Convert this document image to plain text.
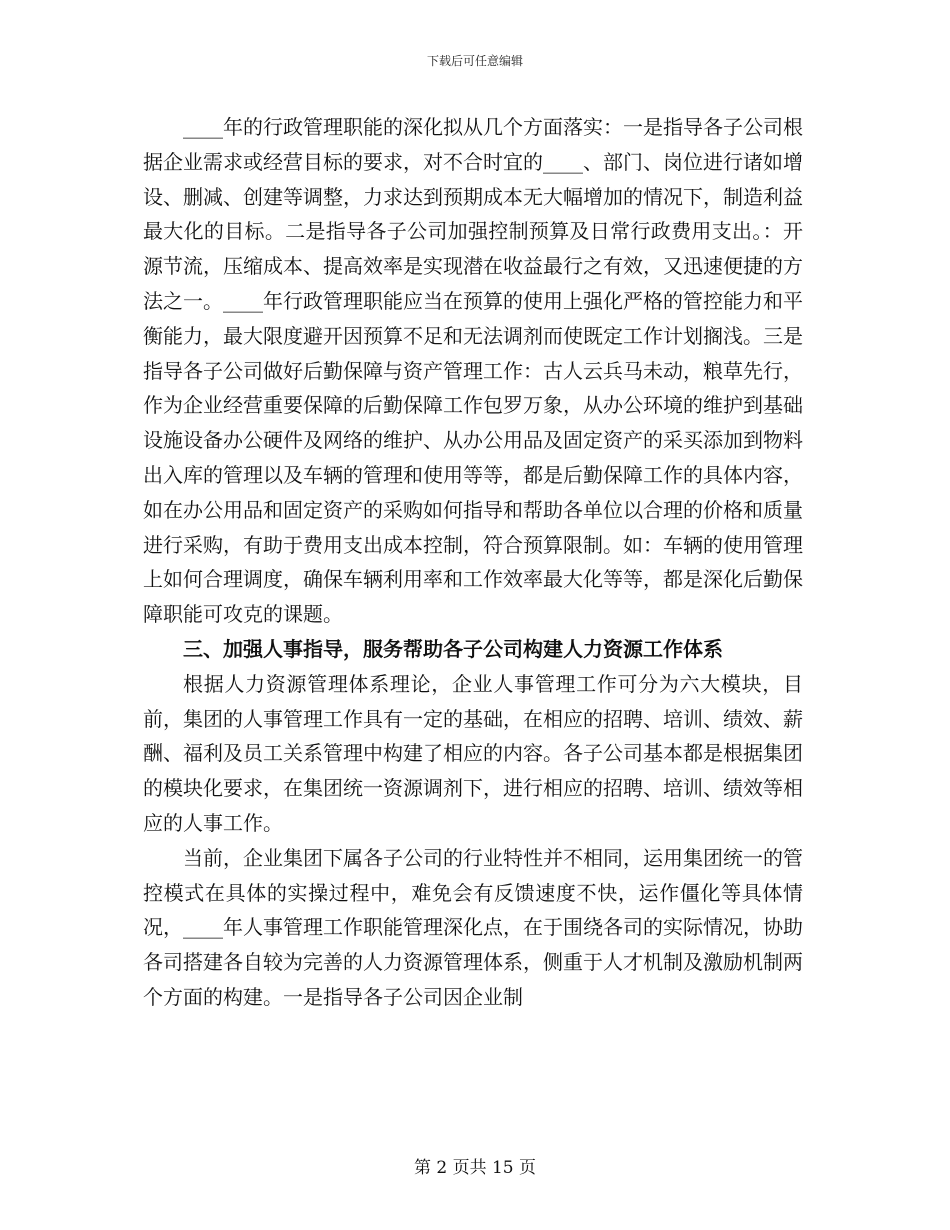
下载后可任意编辑

____年的行政管理职能的深化拟从几个方面落实：一是指导各子公司根据企业需求或经营目标的要求，对不合时宜的____、部门、岗位进行诸如增设、删减、创建等调整，力求达到预期成本无大幅增加的情况下，制造利益最大化的目标。二是指导各子公司加强控制预算及日常行政费用支出。：开源节流，压缩成本、提高效率是实现潜在收益最行之有效，又迅速便捷的方法之一。____年行政管理职能应当在预算的使用上强化严格的管控能力和平衡能力，最大限度避开因预算不足和无法调剂而使既定工作计划搁浅。三是指导各子公司做好后勤保障与资产管理工作：古人云兵马未动，粮草先行，作为企业经营重要保障的后勤保障工作包罗万象，从办公环境的维护到基础设施设备办公硬件及网络的维护、从办公用品及固定资产的采买添加到物料出入库的管理以及车辆的管理和使用等等，都是后勤保障工作的具体内容，如在办公用品和固定资产的采购如何指导和帮助各单位以合理的价格和质量进行采购，有助于费用支出成本控制，符合预算限制。如：车辆的使用管理上如何合理调度，确保车辆利用率和工作效率最大化等等，都是深化后勤保障职能可攻克的课题。

三、加强人事指导，服务帮助各子公司构建人力资源工作体系

根据人力资源管理体系理论，企业人事管理工作可分为六大模块，目前，集团的人事管理工作具有一定的基础，在相应的招聘、培训、绩效、薪酬、福利及员工关系管理中构建了相应的内容。各子公司基本都是根据集团的模块化要求，在集团统一资源调剂下，进行相应的招聘、培训、绩效等相应的人事工作。

当前，企业集团下属各子公司的行业特性并不相同，运用集团统一的管控模式在具体的实操过程中，难免会有反馈速度不快，运作僵化等具体情况，____年人事管理工作职能管理深化点，在于围绕各司的实际情况，协助各司搭建各自较为完善的人力资源管理体系，侧重于人才机制及激励机制两个方面的构建。一是指导各子公司因企业制

第 2 页共 15 页
